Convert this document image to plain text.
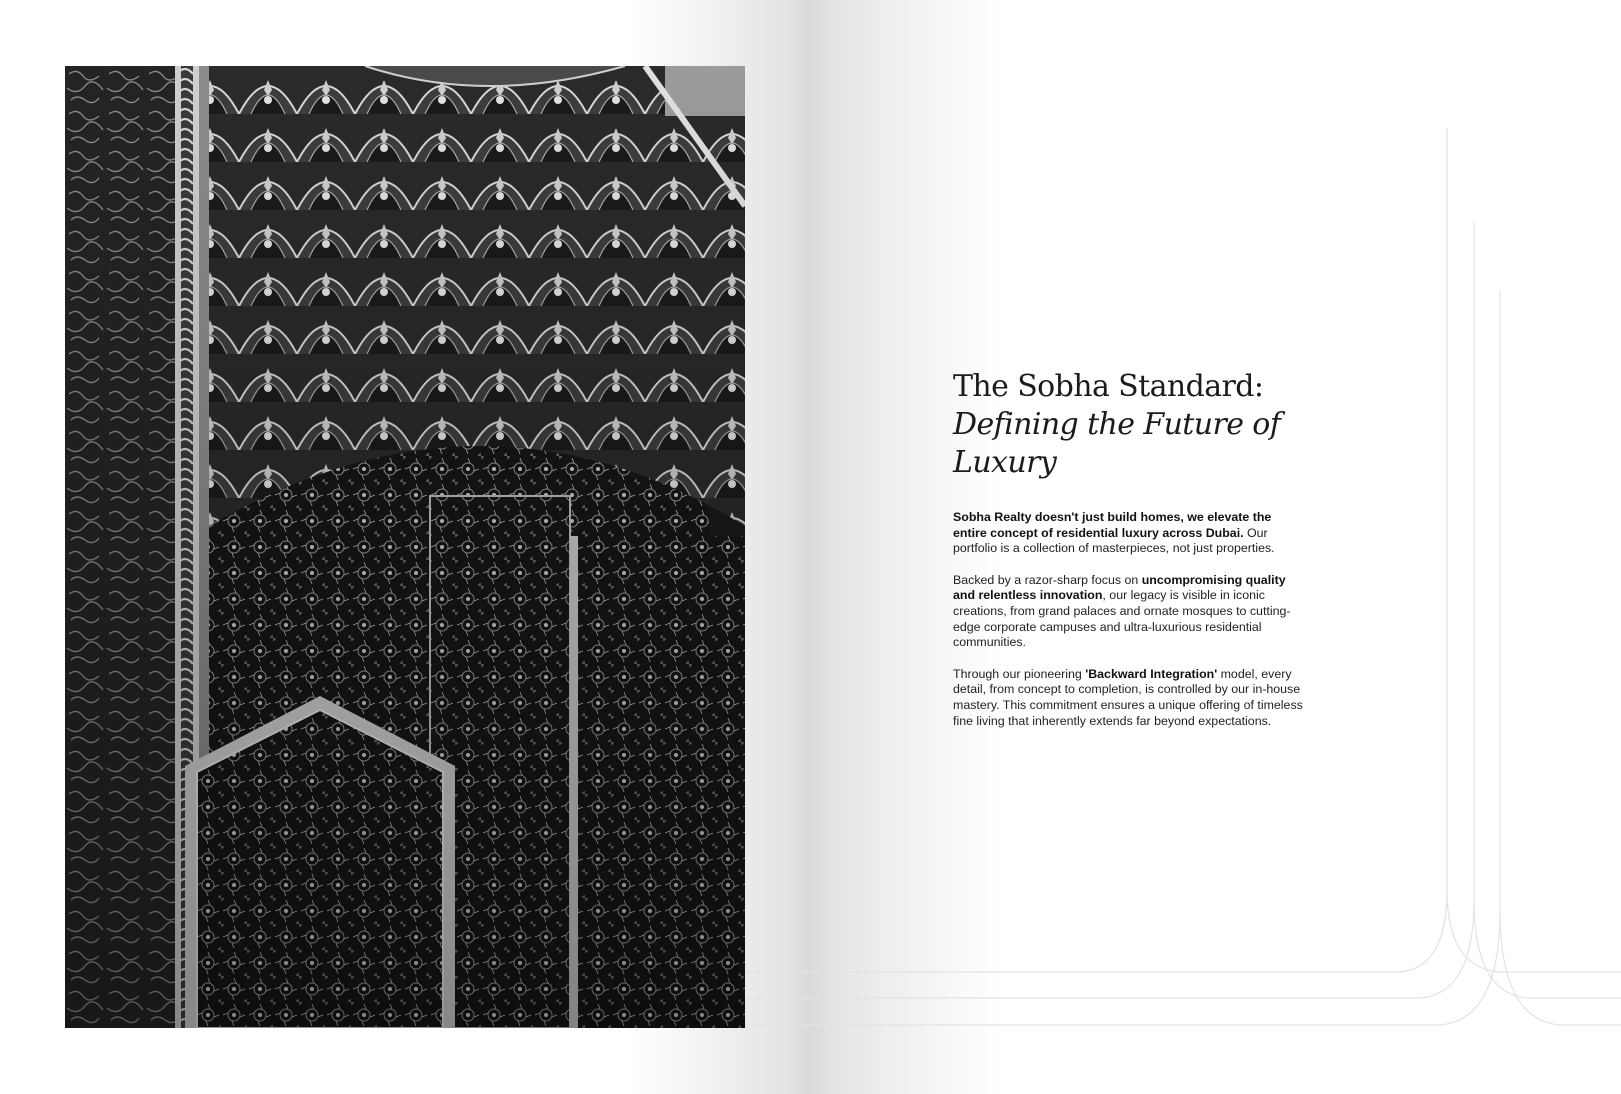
The Sobha Standard:
Defining the Future of Luxury

Sobha Realty doesn't just build homes, we elevate the entire concept of residential luxury across Dubai. Our portfolio is a collection of masterpieces, not just properties.

Backed by a razor-sharp focus on uncompromising quality and relentless innovation, our legacy is visible in iconic creations, from grand palaces and ornate mosques to cutting-edge corporate campuses and ultra-luxurious residential communities.

Through our pioneering 'Backward Integration' model, every detail, from concept to completion, is controlled by our in-house mastery. This commitment ensures a unique offering of timeless fine living that inherently extends far beyond expectations.
